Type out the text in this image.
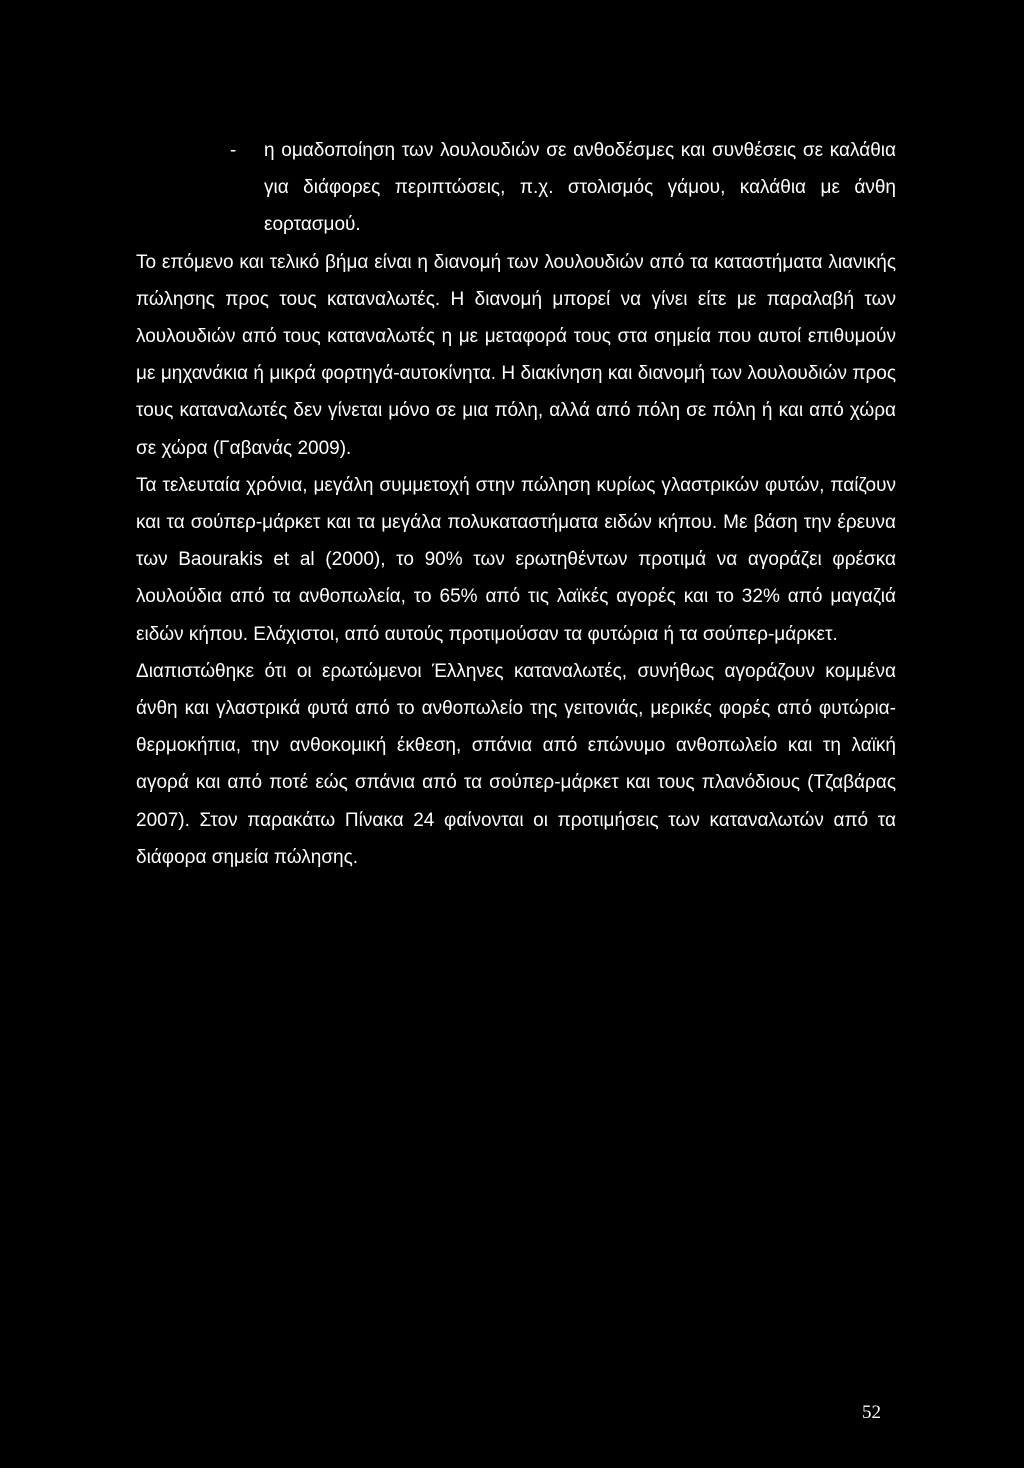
- η ομαδοποίηση των λουλουδιών σε ανθοδέσμες και συνθέσεις σε καλάθια για διάφορες περιπτώσεις, π.χ. στολισμός γάμου, καλάθια με άνθη εορτασμού.

Το επόμενο και τελικό βήμα είναι η διανομή των λουλουδιών από τα καταστήματα λιανικής πώλησης προς τους καταναλωτές. Η διανομή μπορεί να γίνει είτε με παραλαβή των λουλουδιών από τους καταναλωτές η με μεταφορά τους στα σημεία που αυτοί επιθυμούν με μηχανάκια ή μικρά φορτηγά-αυτοκίνητα. Η διακίνηση και διανομή των λουλουδιών προς τους καταναλωτές δεν γίνεται μόνο σε μια πόλη, αλλά από πόλη σε πόλη ή και από χώρα σε χώρα (Γαβανάς 2009).

Τα τελευταία χρόνια, μεγάλη συμμετοχή στην πώληση κυρίως γλαστρικών φυτών, παίζουν και τα σούπερ-μάρκετ και τα μεγάλα πολυκαταστήματα ειδών κήπου. Με βάση την έρευνα των Baourakis et al (2000), το 90% των ερωτηθέντων προτιμά να αγοράζει φρέσκα λουλούδια από τα ανθοπωλεία, το 65% από τις λαϊκές αγορές και το 32% από μαγαζιά ειδών κήπου. Ελάχιστοι, από αυτούς προτιμούσαν τα φυτώρια ή τα σούπερ-μάρκετ.

Διαπιστώθηκε ότι οι ερωτώμενοι Έλληνες καταναλωτές, συνήθως αγοράζουν κομμένα άνθη και γλαστρικά φυτά από το ανθοπωλείο της γειτονιάς, μερικές φορές από φυτώρια-θερμοκήπια, την ανθοκομική έκθεση, σπάνια από επώνυμο ανθοπωλείο και τη λαϊκή αγορά και από ποτέ εώς σπάνια από τα σούπερ-μάρκετ και τους πλανόδιους (Τζαβάρας 2007). Στον παρακάτω Πίνακα 24 φαίνονται οι προτιμήσεις των καταναλωτών από τα διάφορα σημεία πώλησης.

52
